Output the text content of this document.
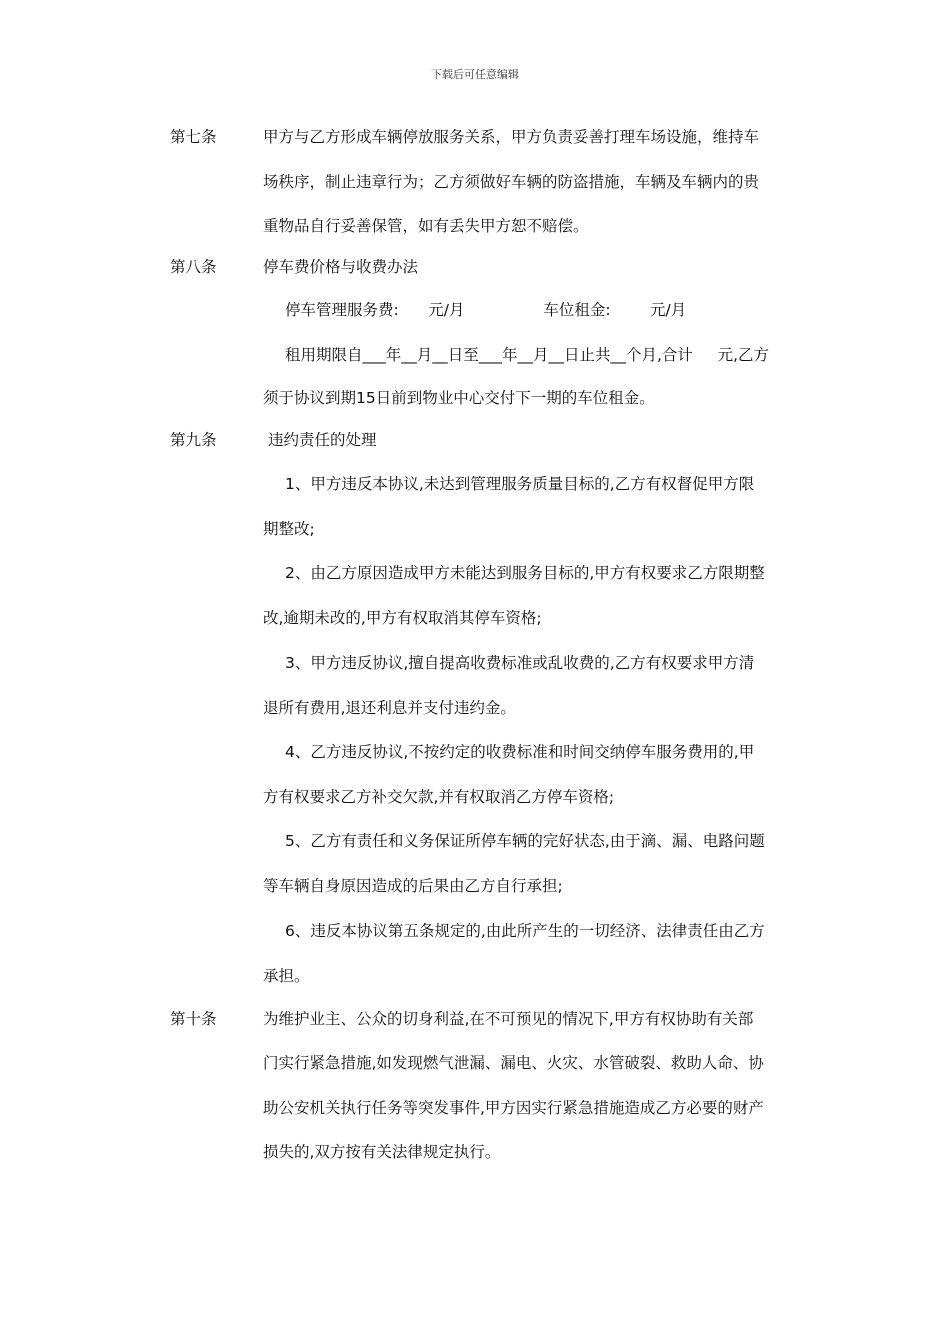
下载后可任意编辑
第七条	甲方与乙方形成车辆停放服务关系，甲方负责妥善打理车场设施，维持车
场秩序，制止违章行为；乙方须做好车辆的防盗措施，车辆及车辆内的贵
重物品自行妥善保管，如有丢失甲方恕不赔偿。
第八条	停车费价格与收费办法
停车管理服务费:      元/月                车位租金:        元/月
租用期限自___年__月__日至___年__月__日止共__个月,合计     元,乙方
须于协议到期15日前到物业中心交付下一期的车位租金。
第九条	违约责任的处理
1、甲方违反本协议,未达到管理服务质量目标的,乙方有权督促甲方限
期整改;
2、由乙方原因造成甲方未能达到服务目标的,甲方有权要求乙方限期整
改,逾期未改的,甲方有权取消其停车资格;
3、甲方违反协议,擅自提高收费标准或乱收费的,乙方有权要求甲方清
退所有费用,退还利息并支付违约金。
4、乙方违反协议,不按约定的收费标准和时间交纳停车服务费用的,甲
方有权要求乙方补交欠款,并有权取消乙方停车资格;
5、乙方有责任和义务保证所停车辆的完好状态,由于滴、漏、电路问题
等车辆自身原因造成的后果由乙方自行承担;
6、违反本协议第五条规定的,由此所产生的一切经济、法律责任由乙方
承担。
第十条	为维护业主、公众的切身利益,在不可预见的情况下,甲方有权协助有关部
门实行紧急措施,如发现燃气泄漏、漏电、火灾、水管破裂、救助人命、协
助公安机关执行任务等突发事件,甲方因实行紧急措施造成乙方必要的财产
损失的,双方按有关法律规定执行。
